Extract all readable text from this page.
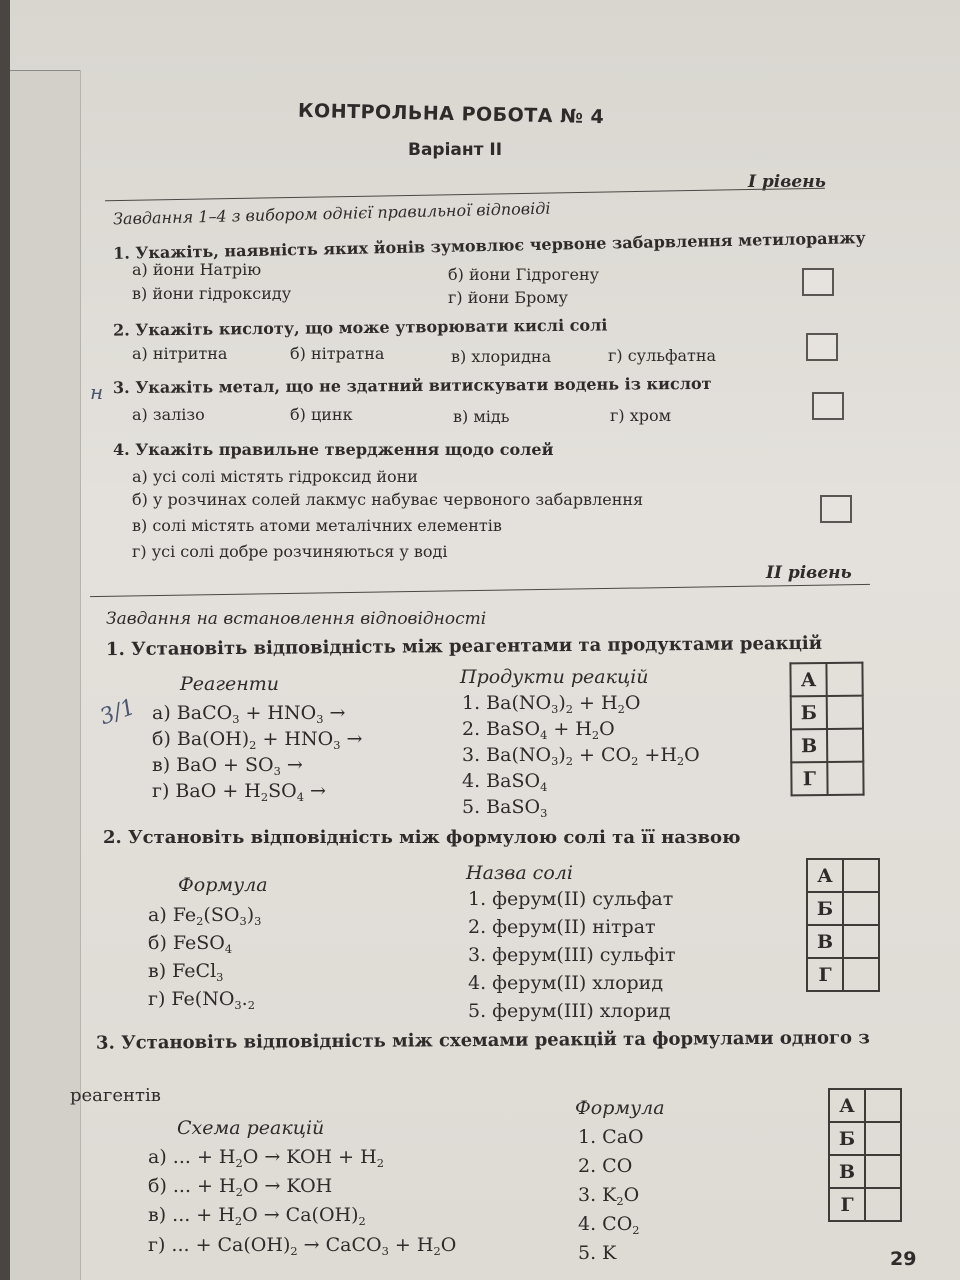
КОНТРОЛЬНА РОБОТА № 4
Варіант ІІ
І рівень
Завдання 1–4 з вибором однієї правильної відповіді
1. Укажіть, наявність яких йонів зумовлює червоне забарвлення метилоранжу
а) йони Натрію	б) йони Гідрогену
в) йони гідроксиду	г) йони Брому
2. Укажіть кислоту, що може утворювати кислі солі
а) нітритна	б) нітратна	в) хлоридна	г) сульфатна
3. Укажіть метал, що не здатний витискувати водень із кислот
а) залізо	б) цинк	в) мідь	г) хром
4. Укажіть правильне твердження щодо солей
а) усі солі містять гідроксид йони
б) у розчинах солей лакмус набуває червоного забарвлення
в) солі містять атоми металічних елементів
г) усі солі добре розчиняються у воді
ІІ рівень
Завдання на встановлення відповідності
1. Установіть відповідність між реагентами та продуктами реакцій
Реагенти	Продукти реакцій
а) BaCO$_3$ + $HNO_3$ →
б) $Ba(OH)_2 + HNO_3$ →
в) BaO + $SO_3$ →
г) BaO + $H_2SO_4$ →
1. $Ba(NO_3)_2 + H_2O$
2. BaSO$_4$ + $H_2O$
3. $Ba(NO_3)_2 + CO_2 +H_2O$
4. BaSO$_4$
5. BaSO$_3$
А	
Б	
В	
Г	
2. Установіть відповідність між формулою солі та її назвою
Формула
Назва солі
а) $Fe_2(SO_3)_3$
б) FeSO$_4$
в) FeCl$_3$
г) $Fe(NO_3._2$
1. ферум(ІІ) сульфат
2. ферум(ІІ) нітрат
3. ферум(ІІІ) сульфіт
4. ферум(ІІ) хлорид
5. ферум(ІІІ) хлорид
А	
Б	
В	
Г	
3. Установіть відповідність між схемами реакцій та формулами одного з
реагентів
Схема реакцій
Формула
а) ... + $H_2O$ → KOH + $H_2$
б) ... + $H_2O$ → KOH
в) ... + $H_2O \to Ca(OH)_2$
г) ... + $Ca(OH)_2$ → CaCO$_3$ + $H_2O$
1. CaO
2. CO
3. $K_2O$
4. $CO_2$
5. K
А	
Б	
В	
Г	
29
н
3/1
